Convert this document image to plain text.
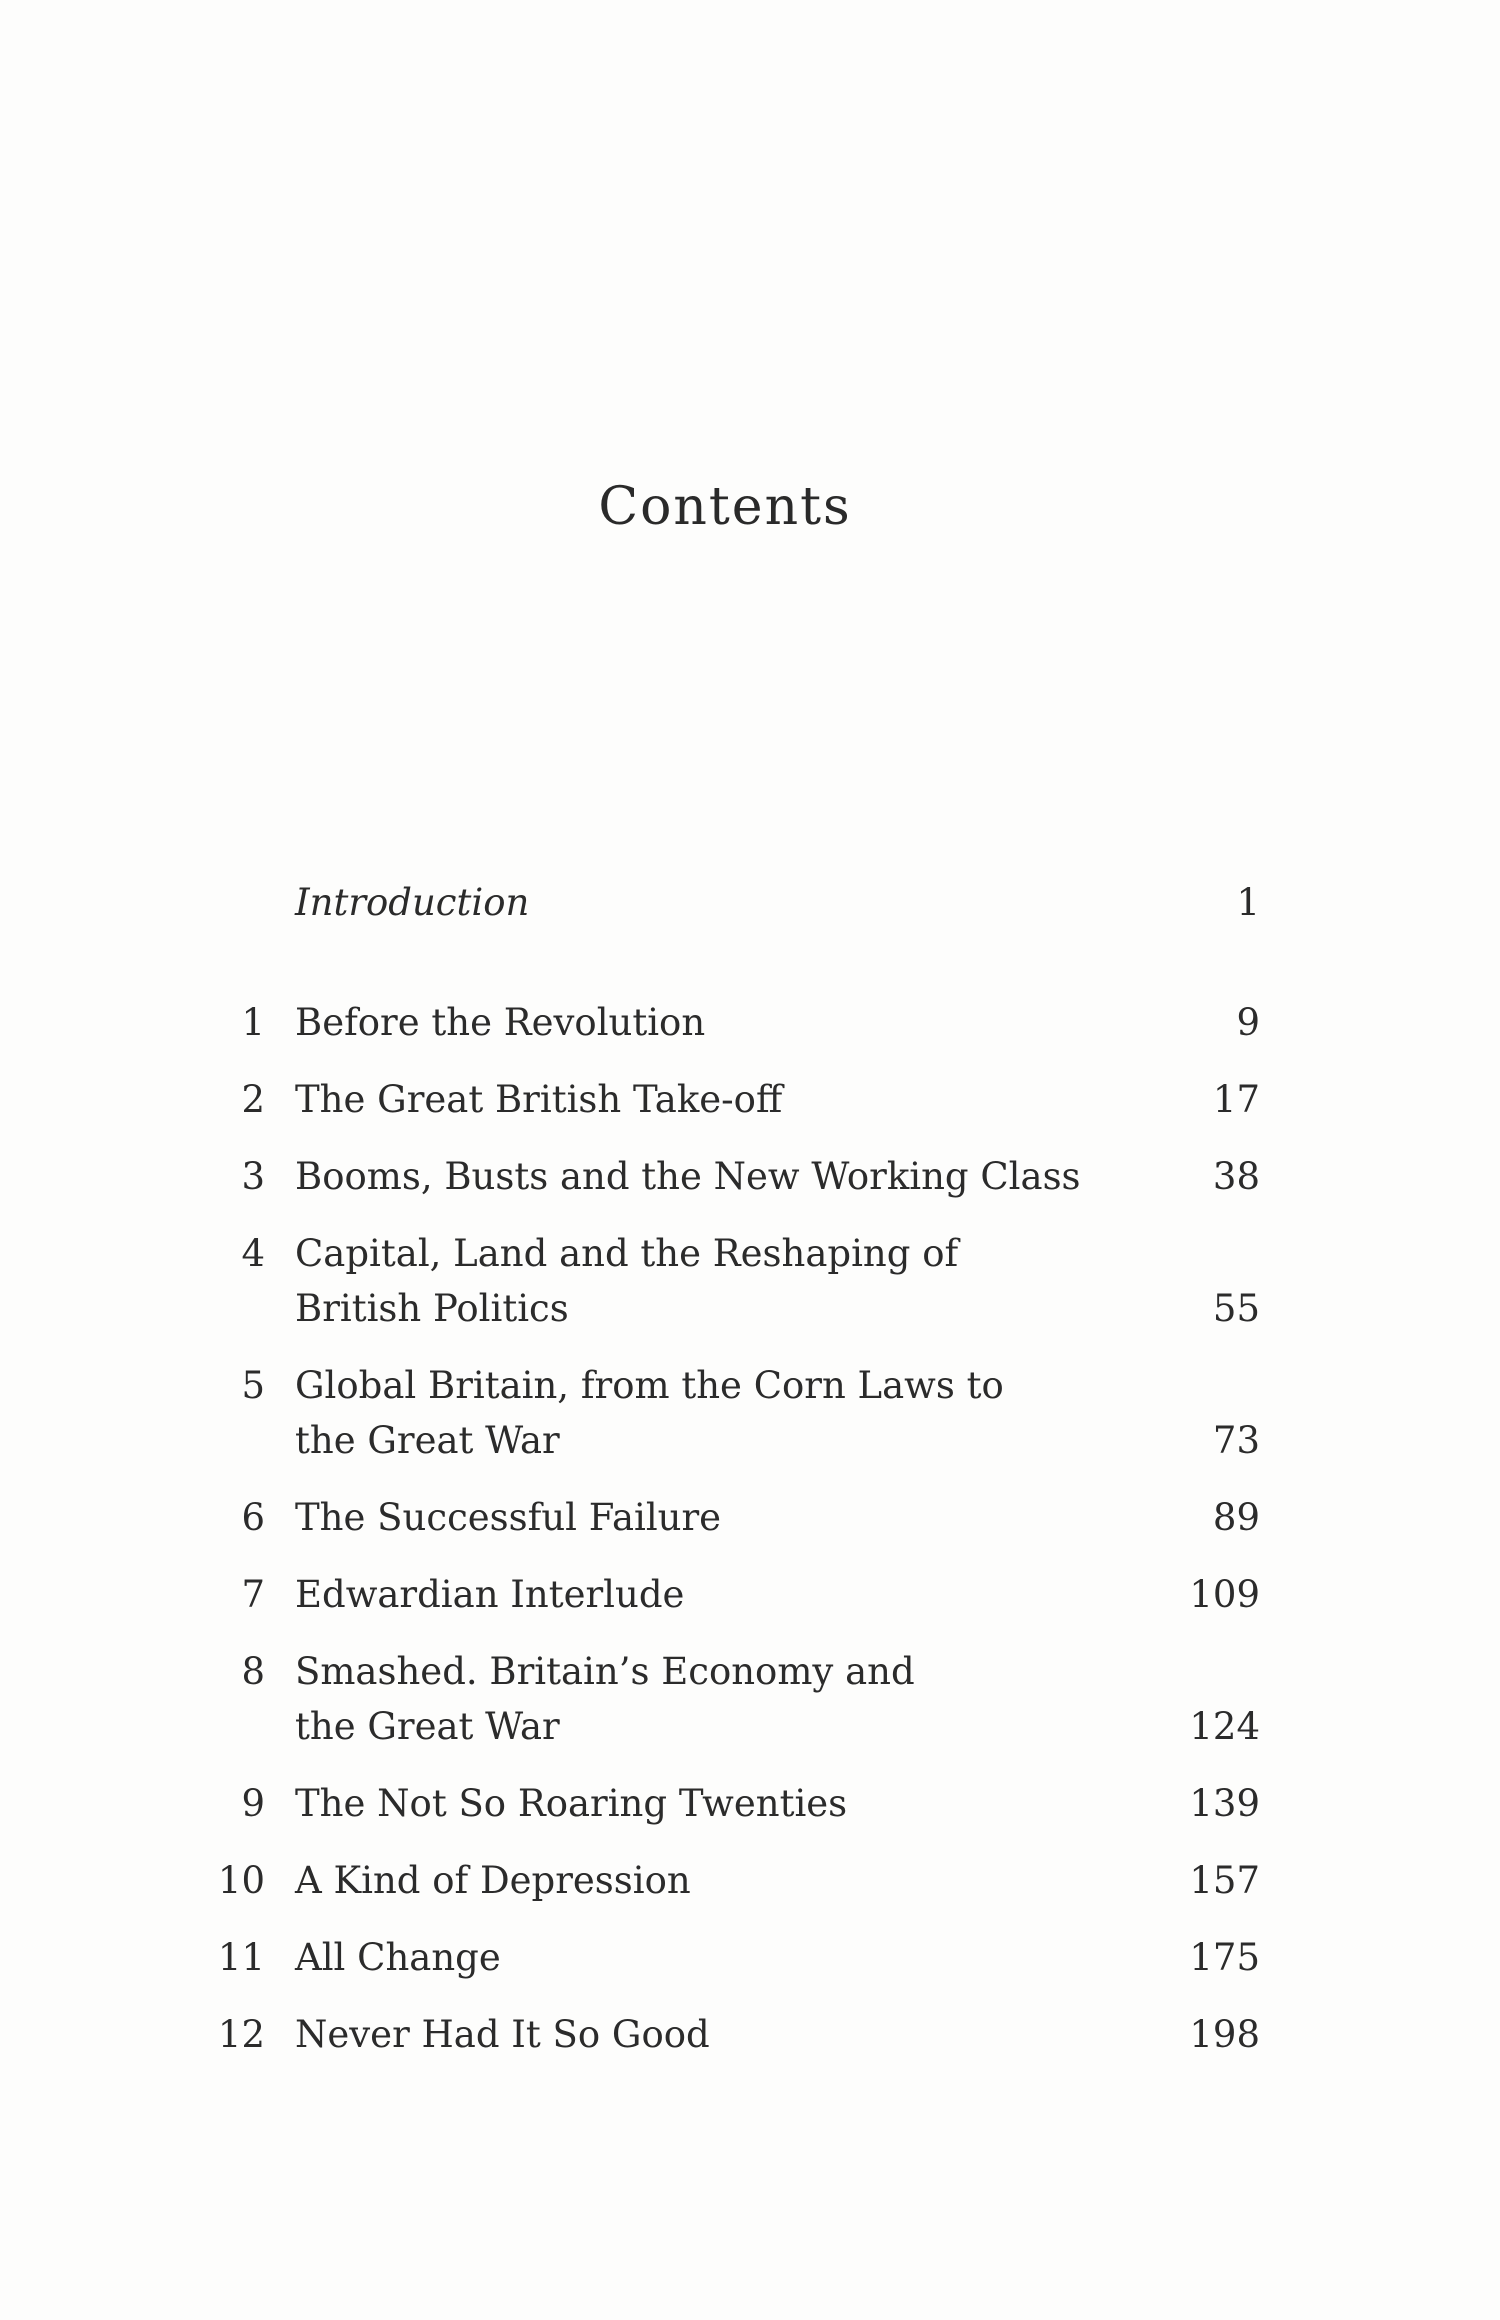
Contents
Introduction	1
1 Before the Revolution	9
2 The Great British Take-off	17
3 Booms, Busts and the New Working Class	38
4 Capital, Land and the Reshaping of
British Politics	55
5 Global Britain, from the Corn Laws to
the Great War	73
6 The Successful Failure	89
7 Edwardian Interlude	109
8 Smashed. Britain’s Economy and
the Great War	124
9 The Not So Roaring Twenties	139
10 A Kind of Depression	157
11 All Change	175
12 Never Had It So Good	198
